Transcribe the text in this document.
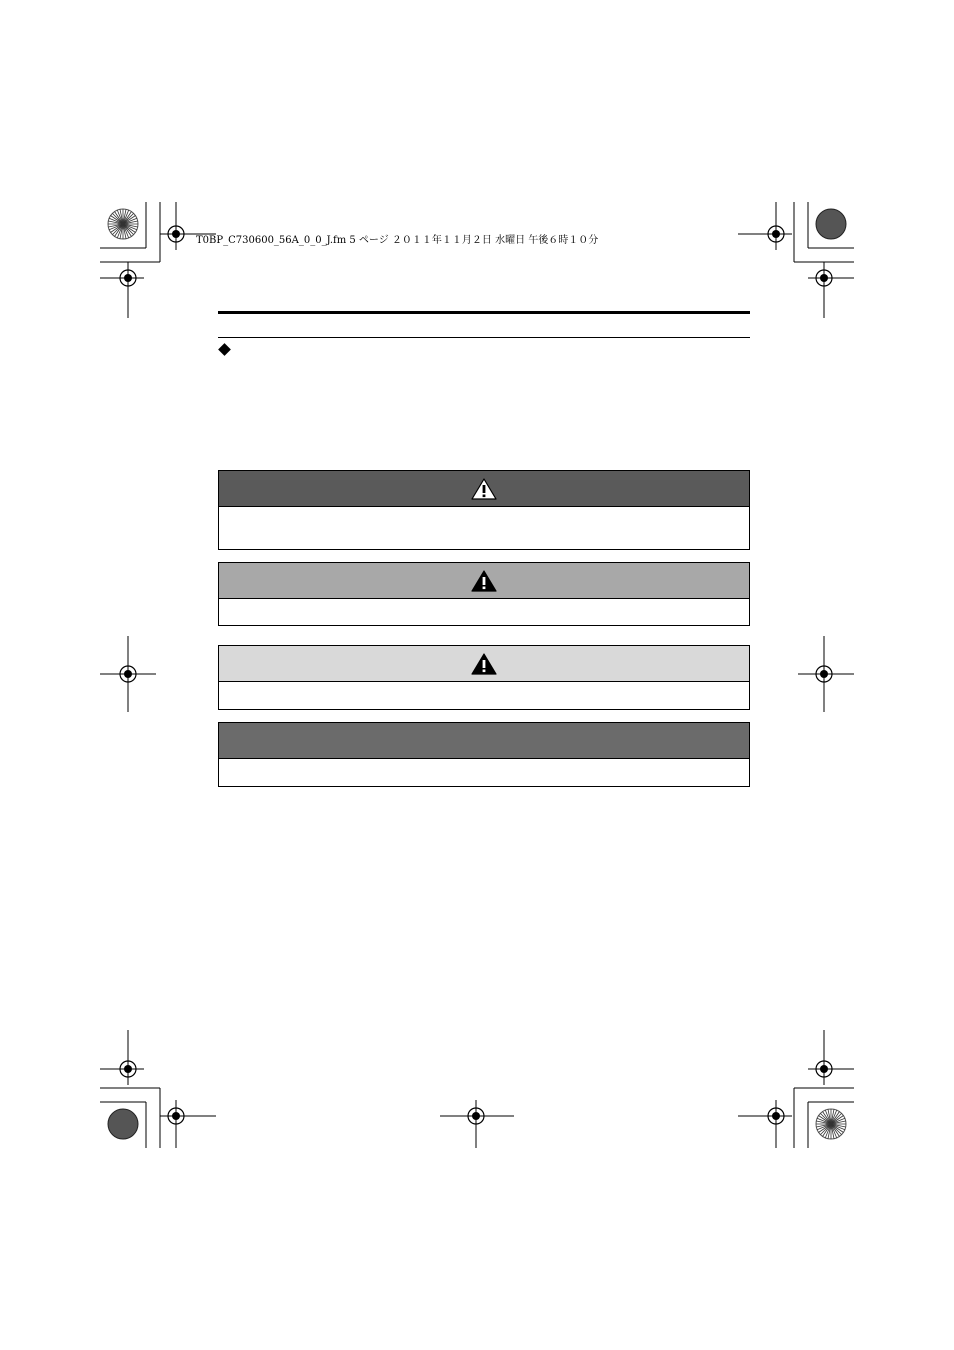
T0BP_C730600_56A_0_0_J.fm 5 ページ ２０１１年１１月２日 水曜日 午後６時１０分
